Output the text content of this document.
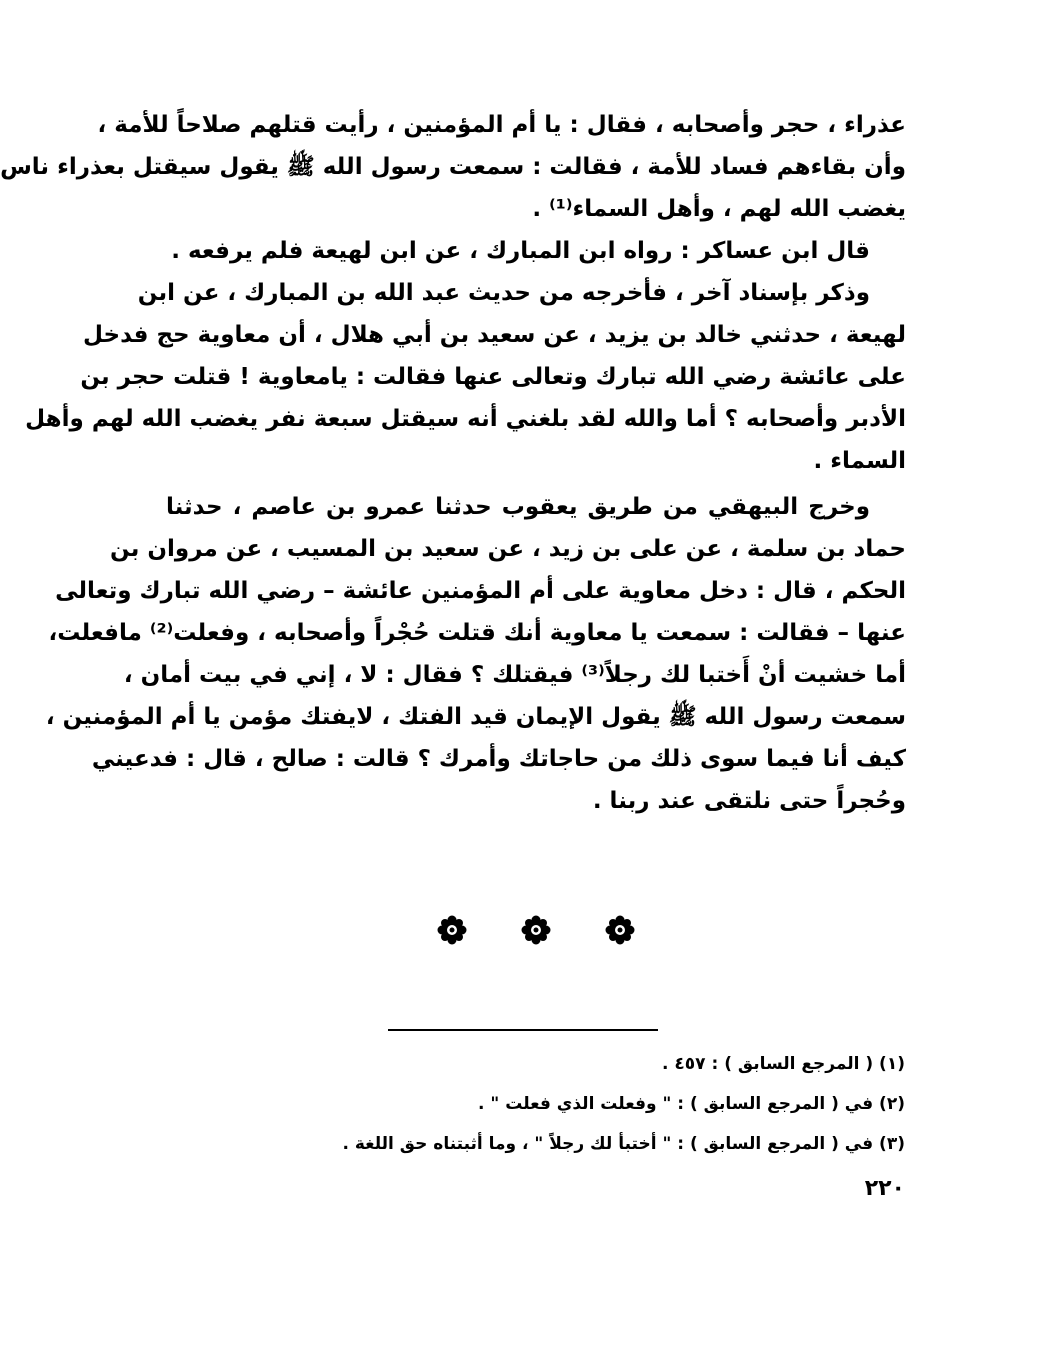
عذراء ، حجر وأصحابه ، فقال : يا أم المؤمنين ، رأيت قتلهم صلاحاً للأمة ،
وأن بقاءهم فساد للأمة ، فقالت : سمعت رسول الله ﷺ يقول سيقتل بعذراء ناس
يغضب الله لهم ، وأهل السماء⁽¹⁾ .
قال ابن عساكر : رواه ابن المبارك ، عن ابن لهيعة فلم يرفعه .
وذكر بإسناد آخر ، فأخرجه من حديث عبد الله بن المبارك ، عن ابن
لهيعة ، حدثني خالد بن يزيد ، عن سعيد بن أبي هلال ، أن معاوية حج فدخل
على عائشة رضي الله تبارك وتعالى عنها فقالت : يامعاوية ! قتلت حجر بن
الأدبر وأصحابه ؟ أما والله لقد بلغني أنه سيقتل سبعة نفر يغضب الله لهم وأهل
السماء .
وخرج البيهقي من طريق يعقوب حدثنا عمرو بن عاصم ، حدثنا
حماد بن سلمة ، عن على بن زيد ، عن سعيد بن المسيب ، عن مروان بن
الحكم ، قال : دخل معاوية على أم المؤمنين عائشة – رضي الله تبارك وتعالى
عنها – فقالت : سمعت يا معاوية أنك قتلت حُجْراً وأصحابه ، وفعلت⁽²⁾ مافعلت،
أما خشيت أنْ أَختبا لك رجلاً⁽³⁾ فيقتلك ؟ فقال : لا ، إني في بيت أمان ،
سمعت رسول الله ﷺ يقول الإيمان قيد الفتك ، لايفتك مؤمن يا أم المؤمنين ،
كيف أنا فيما سوى ذلك من حاجاتك وأمرك ؟ قالت : صالح ، قال : فدعيني
وحُجراً حتى نلتقى عند ربنا .
(١) ( المرجع السابق ) : ٤٥٧ .
(٢) في ( المرجع السابق ) : " وفعلت الذي فعلت " .
(٣) في ( المرجع السابق ) : " أختبأ لك رجلاً " ، وما أثبتناه حق اللغة .
٢٢٠
